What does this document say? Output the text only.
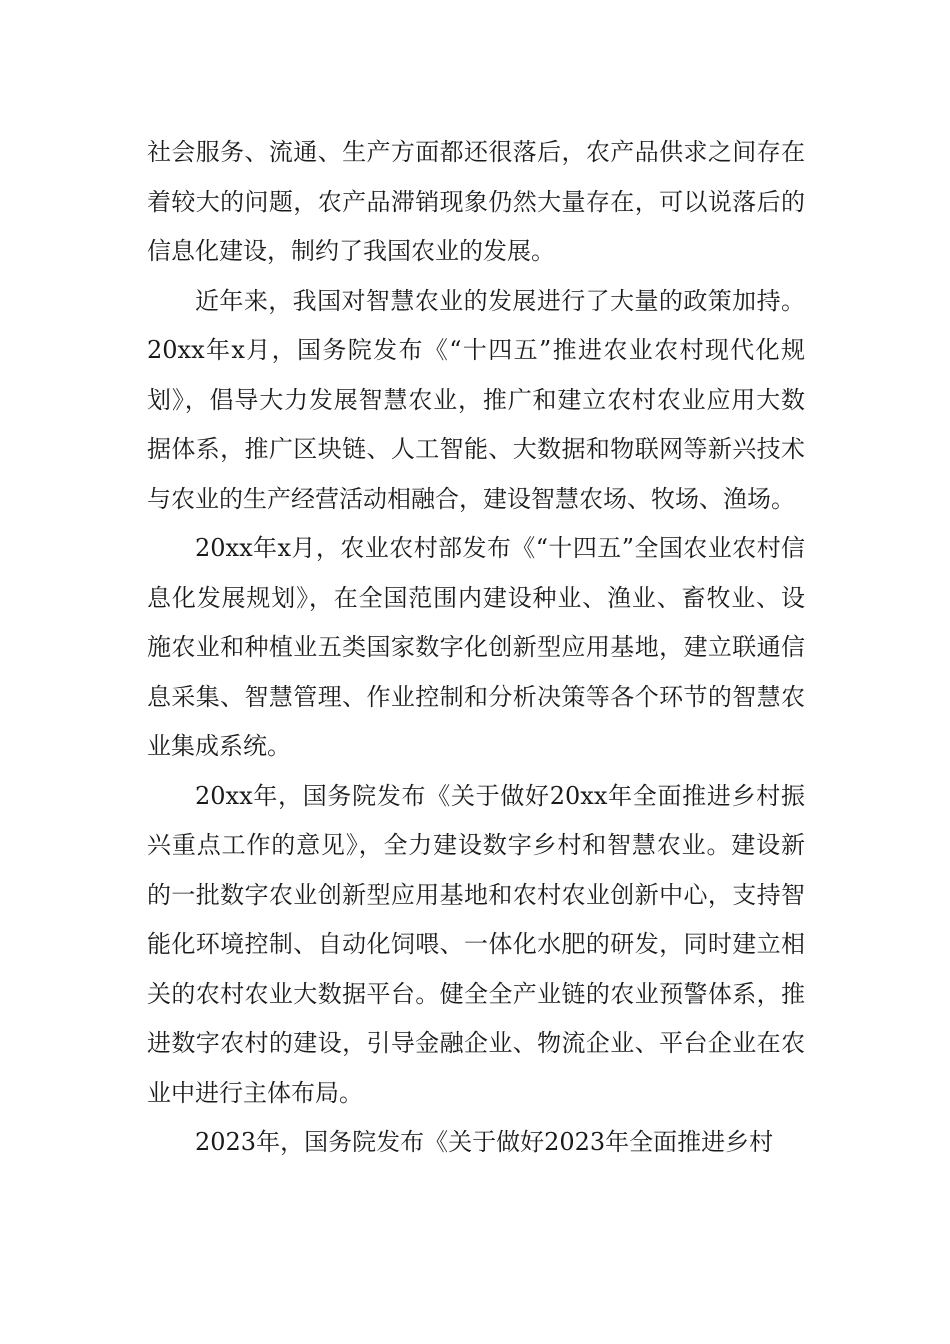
社会服务、流通、生产方面都还很落后，农产品供求之间存在着较大的问题，农产品滞销现象仍然大量存在，可以说落后的信息化建设，制约了我国农业的发展。

近年来，我国对智慧农业的发展进行了大量的政策加持。20xx年x月，国务院发布《“十四五”推进农业农村现代化规划》，倡导大力发展智慧农业，推广和建立农村农业应用大数据体系，推广区块链、人工智能、大数据和物联网等新兴技术与农业的生产经营活动相融合，建设智慧农场、牧场、渔场。

20xx年x月，农业农村部发布《“十四五”全国农业农村信息化发展规划》，在全国范围内建设种业、渔业、畜牧业、设施农业和种植业五类国家数字化创新型应用基地，建立联通信息采集、智慧管理、作业控制和分析决策等各个环节的智慧农业集成系统。

20xx年，国务院发布《关于做好20xx年全面推进乡村振兴重点工作的意见》，全力建设数字乡村和智慧农业。建设新的一批数字农业创新型应用基地和农村农业创新中心，支持智能化环境控制、自动化饲喂、一体化水肥的研发，同时建立相关的农村农业大数据平台。健全全产业链的农业预警体系，推进数字农村的建设，引导金融企业、物流企业、平台企业在农业中进行主体布局。

2023年，国务院发布《关于做好2023年全面推进乡村
